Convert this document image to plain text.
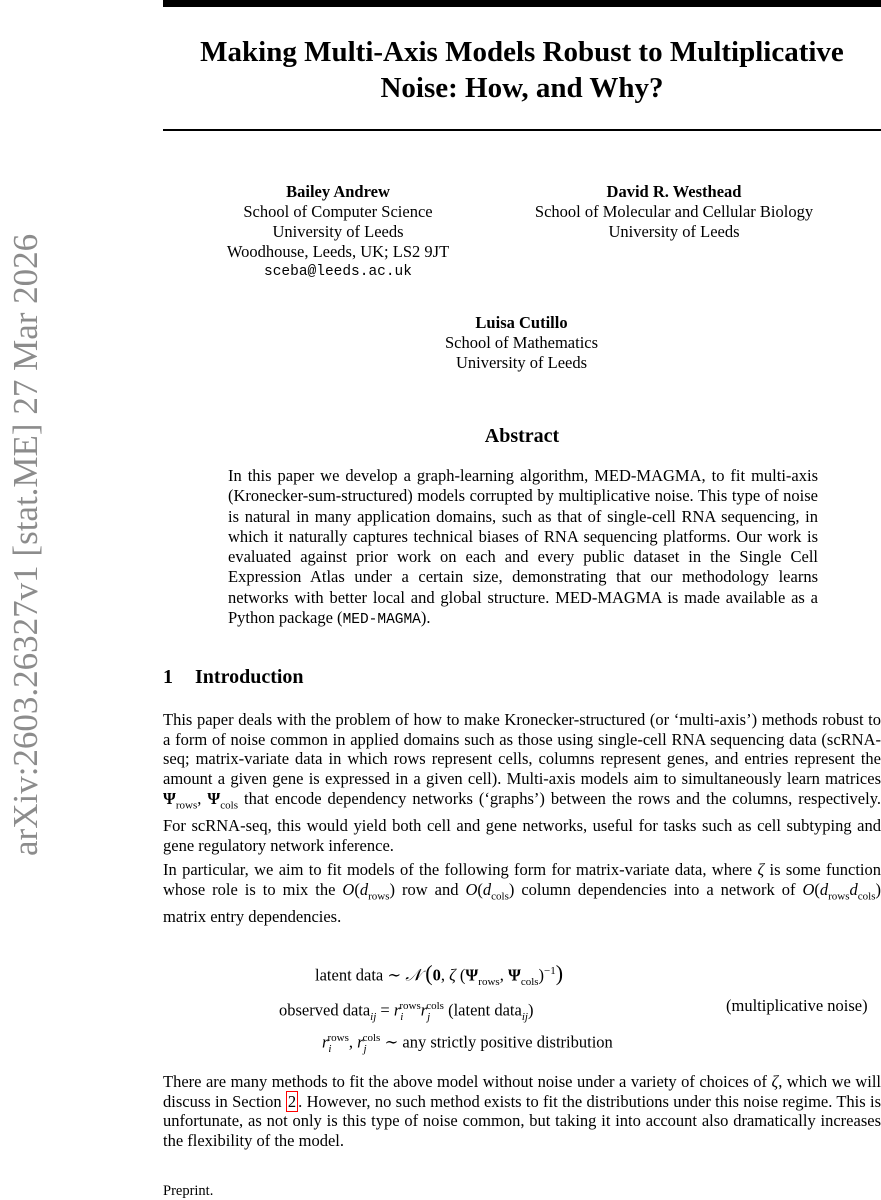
arXiv:2603.26327v1 [stat.ME] 27 Mar 2026
Making Multi-Axis Models Robust to Multiplicative
Noise: How, and Why?
Bailey Andrew
School of Computer Science
University of Leeds
Woodhouse, Leeds, UK; LS2 9JT
sceba@leeds.ac.uk
David R. Westhead
School of Molecular and Cellular Biology
University of Leeds
Luisa Cutillo
School of Mathematics
University of Leeds
Abstract
In this paper we develop a graph-learning algorithm, MED-MAGMA, to fit multi-axis (Kronecker-sum-structured) models corrupted by multiplicative noise. This type of noise is natural in many application domains, such as that of single-cell RNA sequencing, in which it naturally captures technical biases of RNA sequencing platforms. Our work is evaluated against prior work on each and every public dataset in the Single Cell Expression Atlas under a certain size, demonstrating that our methodology learns networks with better local and global structure. MED-MAGMA is made available as a Python package (MED-MAGMA).
1 Introduction
This paper deals with the problem of how to make Kronecker-structured (or ‘multi-axis’) methods robust to a form of noise common in applied domains such as those using single-cell RNA sequencing data (scRNA-seq; matrix-variate data in which rows represent cells, columns represent genes, and entries represent the amount a given gene is expressed in a given cell). Multi-axis models aim to simultaneously learn matrices $\Psi_{rows}$, $\Psi_{cols}$ that encode dependency networks (‘graphs’) between the rows and the columns, respectively. For scRNA-seq, this would yield both cell and gene networks, useful for tasks such as cell subtyping and gene regulatory network inference.
In particular, we aim to fit models of the following form for matrix-variate data, where ζ is some function whose role is to mix the $O(d_{rows})$ row and $O(d_{cols})$ column dependencies into a network of $O(d_{rows}d_{cols})$ matrix entry dependencies.
latent data ∼ 𝒩 (0, ζ ($\Psi_{rows}$, $\Psi_{cols})^{-1}$)
observed data$_{ij}$ = $r_i^{rows}r_j^{cols}$ (latent data$_{ij}$)	(multiplicative noise)
$r_i^{rows}$, $r_j^{cols}$ ∼ any strictly positive distribution
There are many methods to fit the above model without noise under a variety of choices of ζ, which we will discuss in Section 2 . However, no such method exists to fit the distributions under this noise regime. This is unfortunate, as not only is this type of noise common, but taking it into account also dramatically increases the flexibility of the model.
Preprint.
